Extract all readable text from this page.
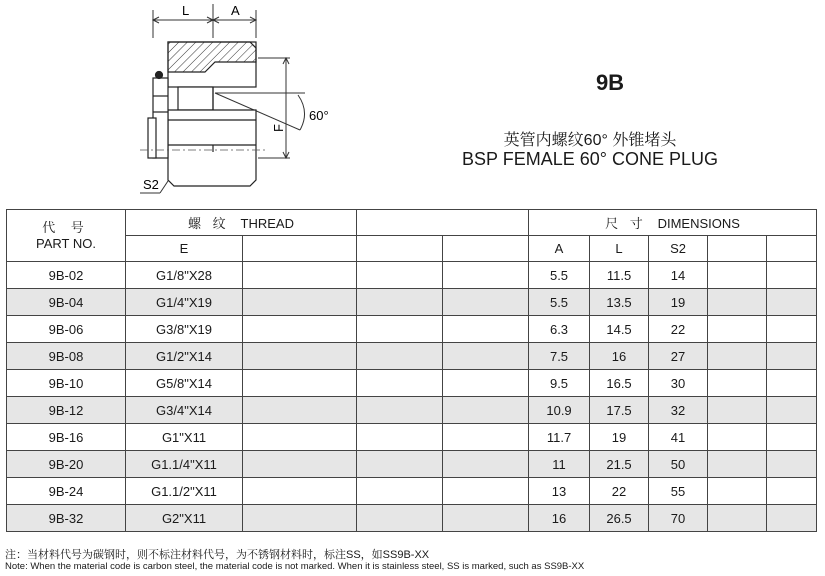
L	A
F
60°
S2
9B
英管内螺纹60° 外锥堵头
BSP FEMALE 60° CONE PLUG
代 号
PART NO.	螺 纹 THREAD				尺 寸 DIMENSIONS				
	E				A	L	S2		
9B-02	G1/8"X28				5.5	11.5	14		
9B-04	G1/4"X19				5.5	13.5	19		
9B-06	G3/8"X19				6.3	14.5	22		
9B-08	G1/2"X14				7.5	16	27		
9B-10	G5/8"X14				9.5	16.5	30		
9B-12	G3/4"X14				10.9	17.5	32		
9B-16	G1"X11				11.7	19	41		
9B-20	G1.1/4"X11				11	21.5	50		
9B-24	G1.1/2"X11				13	22	55		
9B-32	G2"X11				16	26.5	70		
注：当材料代号为碳钢时，则不标注材料代号，为不锈钢材料时，标注SS，如SS9B-XX
Note: When the material code is carbon steel, the material code is not marked. When it is stainless steel, SS is marked, such as SS9B-XX
